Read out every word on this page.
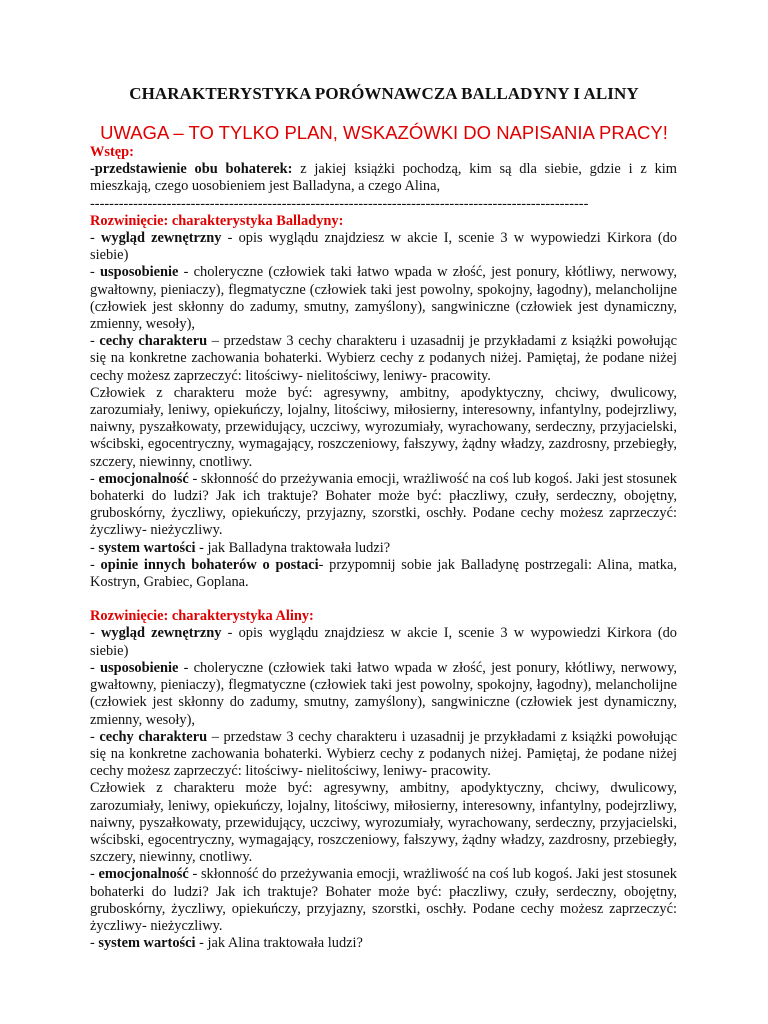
CHARAKTERYSTYKA PORÓWNAWCZA BALLADYNY I ALINY
UWAGA – TO TYLKO PLAN, WSKAZÓWKI DO NAPISANIA PRACY!

Wstęp:

-przedstawienie obu bohaterek: z jakiej książki pochodzą, kim są dla siebie, gdzie i z kim mieszkają, czego uosobieniem jest Balladyna, a czego Alina,

--------------------------------------------------------------------------------------------------------

Rozwinięcie: charakterystyka Balladyny:

- wygląd zewnętrzny - opis wyglądu znajdziesz w akcie I, scenie 3 w wypowiedzi Kirkora (do siebie)

- usposobienie - choleryczne (człowiek taki łatwo wpada w złość, jest ponury, kłótliwy, nerwowy, gwałtowny, pieniaczy), flegmatyczne (człowiek taki jest powolny, spokojny, łagodny), melancholijne (człowiek jest skłonny do zadumy, smutny, zamyślony), sangwiniczne (człowiek jest dynamiczny, zmienny, wesoły),

- cechy charakteru – przedstaw 3 cechy charakteru i uzasadnij je przykładami z książki powołując się na konkretne zachowania bohaterki. Wybierz cechy z podanych niżej. Pamiętaj, że podane niżej cechy możesz zaprzeczyć: litościwy- nielitościwy, leniwy- pracowity.

Człowiek z charakteru może być: agresywny, ambitny, apodyktyczny, chciwy, dwulicowy, zarozumiały, leniwy, opiekuńczy, lojalny, litościwy, miłosierny, interesowny, infantylny, podejrzliwy, naiwny, pyszałkowaty, przewidujący, uczciwy, wyrozumiały, wyrachowany, serdeczny, przyjacielski, wścibski, egocentryczny, wymagający, roszczeniowy, fałszywy, żądny władzy, zazdrosny, przebiegły, szczery, niewinny, cnotliwy.

- emocjonalność - skłonność do przeżywania emocji, wrażliwość na coś lub kogoś. Jaki jest stosunek bohaterki do ludzi? Jak ich traktuje? Bohater może być: płaczliwy, czuły, serdeczny, obojętny, gruboskórny, życzliwy, opiekuńczy, przyjazny, szorstki, oschły. Podane cechy możesz zaprzeczyć: życzliwy- nieżyczliwy.

- system wartości - jak Balladyna traktowała ludzi?

- opinie innych bohaterów o postaci- przypomnij sobie jak Balladynę postrzegali: Alina, matka, Kostryn, Grabiec, Goplana.

Rozwinięcie: charakterystyka Aliny:

- wygląd zewnętrzny - opis wyglądu znajdziesz w akcie I, scenie 3 w wypowiedzi Kirkora (do siebie)

- usposobienie - choleryczne (człowiek taki łatwo wpada w złość, jest ponury, kłótliwy, nerwowy, gwałtowny, pieniaczy), flegmatyczne (człowiek taki jest powolny, spokojny, łagodny), melancholijne (człowiek jest skłonny do zadumy, smutny, zamyślony), sangwiniczne (człowiek jest dynamiczny, zmienny, wesoły),

- cechy charakteru – przedstaw 3 cechy charakteru i uzasadnij je przykładami z książki powołując się na konkretne zachowania bohaterki. Wybierz cechy z podanych niżej. Pamiętaj, że podane niżej cechy możesz zaprzeczyć: litościwy- nielitościwy, leniwy- pracowity.

Człowiek z charakteru może być: agresywny, ambitny, apodyktyczny, chciwy, dwulicowy, zarozumiały, leniwy, opiekuńczy, lojalny, litościwy, miłosierny, interesowny, infantylny, podejrzliwy, naiwny, pyszałkowaty, przewidujący, uczciwy, wyrozumiały, wyrachowany, serdeczny, przyjacielski, wścibski, egocentryczny, wymagający, roszczeniowy, fałszywy, żądny władzy, zazdrosny, przebiegły, szczery, niewinny, cnotliwy.

- emocjonalność - skłonność do przeżywania emocji, wrażliwość na coś lub kogoś. Jaki jest stosunek bohaterki do ludzi? Jak ich traktuje? Bohater może być: płaczliwy, czuły, serdeczny, obojętny, gruboskórny, życzliwy, opiekuńczy, przyjazny, szorstki, oschły. Podane cechy możesz zaprzeczyć: życzliwy- nieżyczliwy.

- system wartości - jak Alina traktowała ludzi?
